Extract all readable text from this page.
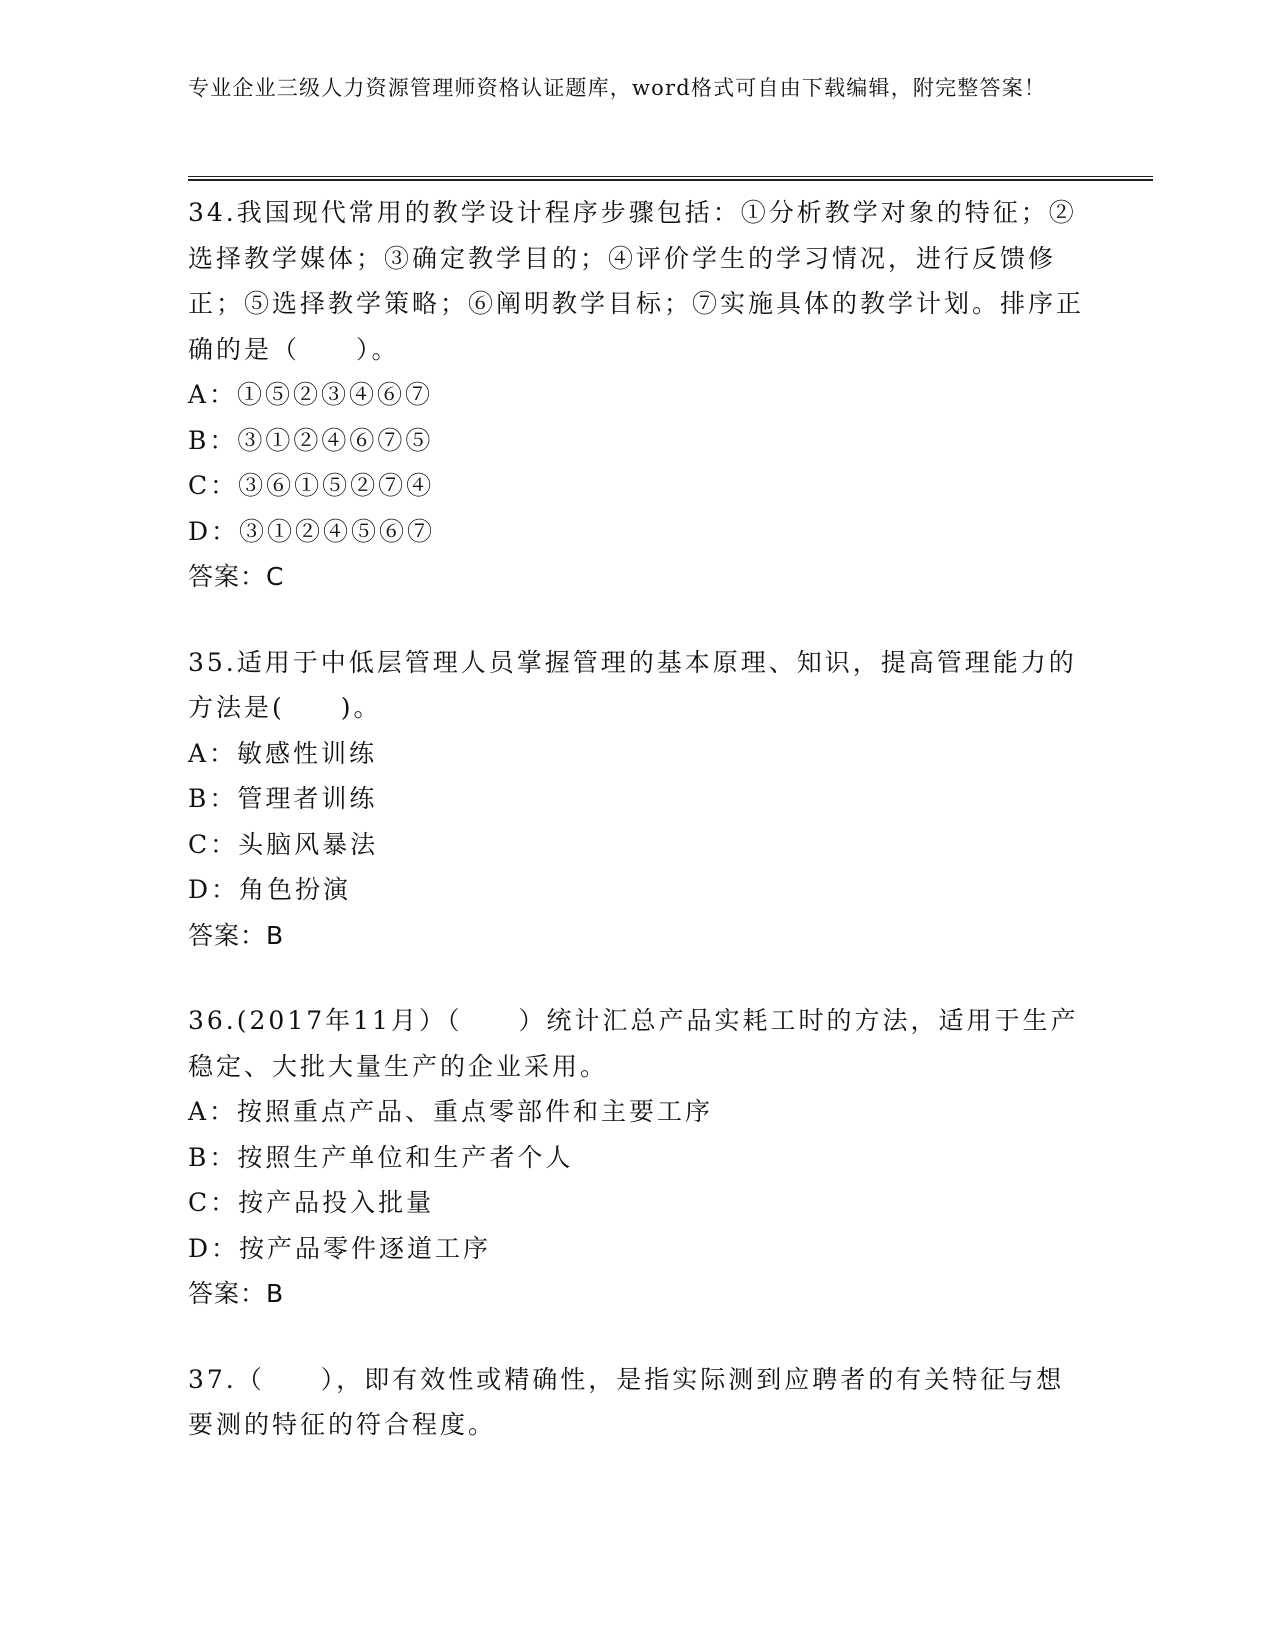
专业企业三级人力资源管理师资格认证题库，word格式可自由下载编辑，附完整答案！

34.我国现代常用的教学设计程序步骤包括：①分析教学对象的特征；②选择教学媒体；③确定教学目的；④评价学生的学习情况，进行反馈修正；⑤选择教学策略；⑥阐明教学目标；⑦实施具体的教学计划。排序正确的是（　　）。

A：①⑤②③④⑥⑦

B：③①②④⑥⑦⑤

C：③⑥①⑤②⑦④

D：③①②④⑤⑥⑦

答案：C

35.适用于中低层管理人员掌握管理的基本原理、知识，提高管理能力的方法是(　　)。

A：敏感性训练

B：管理者训练

C：头脑风暴法

D：角色扮演

答案：B

36.(2017年11月）（　　）统计汇总产品实耗工时的方法，适用于生产稳定、大批大量生产的企业采用。

A：按照重点产品、重点零部件和主要工序

B：按照生产单位和生产者个人

C：按产品投入批量

D：按产品零件逐道工序

答案：B

37.（　　），即有效性或精确性，是指实际测到应聘者的有关特征与想要测的特征的符合程度。
